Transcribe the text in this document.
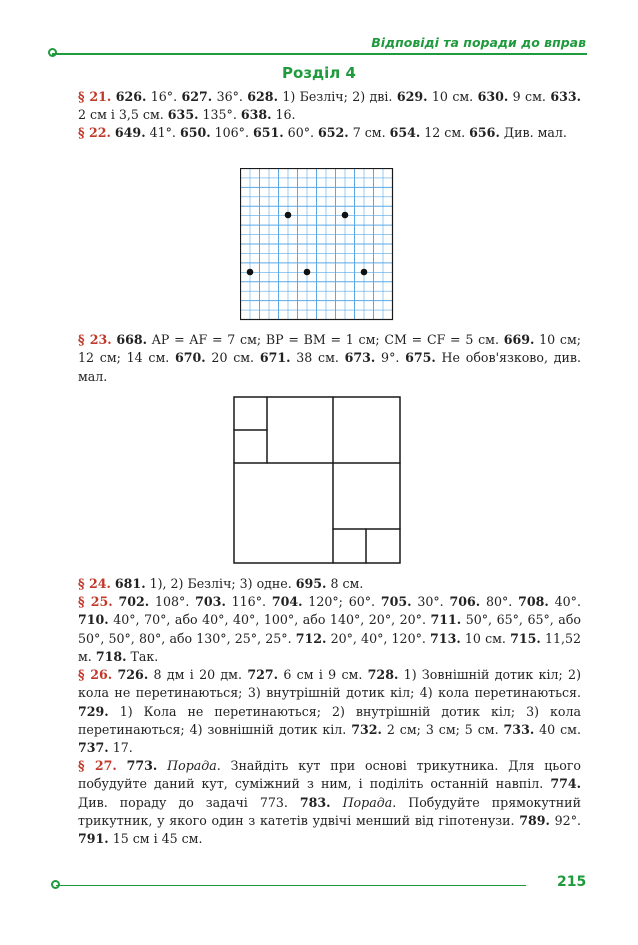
Відповіді та поради до вправ
Розділ 4
§ 21. 626. 16°. 627. 36°. 628. 1) Безліч; 2) дві. 629. 10 см. 630. 9 см. 633. 2 см і 3,5 см. 635. 135°. 638. 16.
§ 22. 649. 41°. 650. 106°. 651. 60°. 652. 7 см. 654. 12 см. 656. Див. мал.
§ 23. 668. AP = AF = 7 см; BP = BM = 1 см; CM = CF = 5 см. 669. 10 см; 12 см; 14 см. 670. 20 см. 671. 38 см. 673. 9°. 675. Не обов'язково, див. мал.
§ 24. 681. 1), 2) Безліч; 3) одне. 695. 8 см.
§ 25. 702. 108°. 703. 116°. 704. 120°; 60°. 705. 30°. 706. 80°. 708. 40°. 710. 40°, 70°, або 40°, 40°, 100°, або 140°, 20°, 20°. 711. 50°, 65°, 65°, або 50°, 50°, 80°, або 130°, 25°, 25°. 712. 20°, 40°, 120°. 713. 10 см. 715. 11,52 м. 718. Так.
§ 26. 726. 8 дм і 20 дм. 727. 6 см і 9 см. 728. 1) Зовнішній дотик кіл; 2) кола не перетинаються; 3) внутрішній дотик кіл; 4) кола перетинаються. 729. 1) Кола не перетинаються; 2) внутрішній дотик кіл; 3) кола перетинаються; 4) зовнішній дотик кіл. 732. 2 см; 3 см; 5 см. 733. 40 см. 737. 17.
§ 27. 773. Порада. Знайдіть кут при основі трикутника. Для цього побудуйте даний кут, суміжний з ним, і поділіть останній навпіл. 774. Див. пораду до задачі 773. 783. Порада. Побудуйте прямокутний трикутник, у якого один з катетів удвічі менший від гіпотенузи. 789. 92°. 791. 15 см і 45 см.
215
